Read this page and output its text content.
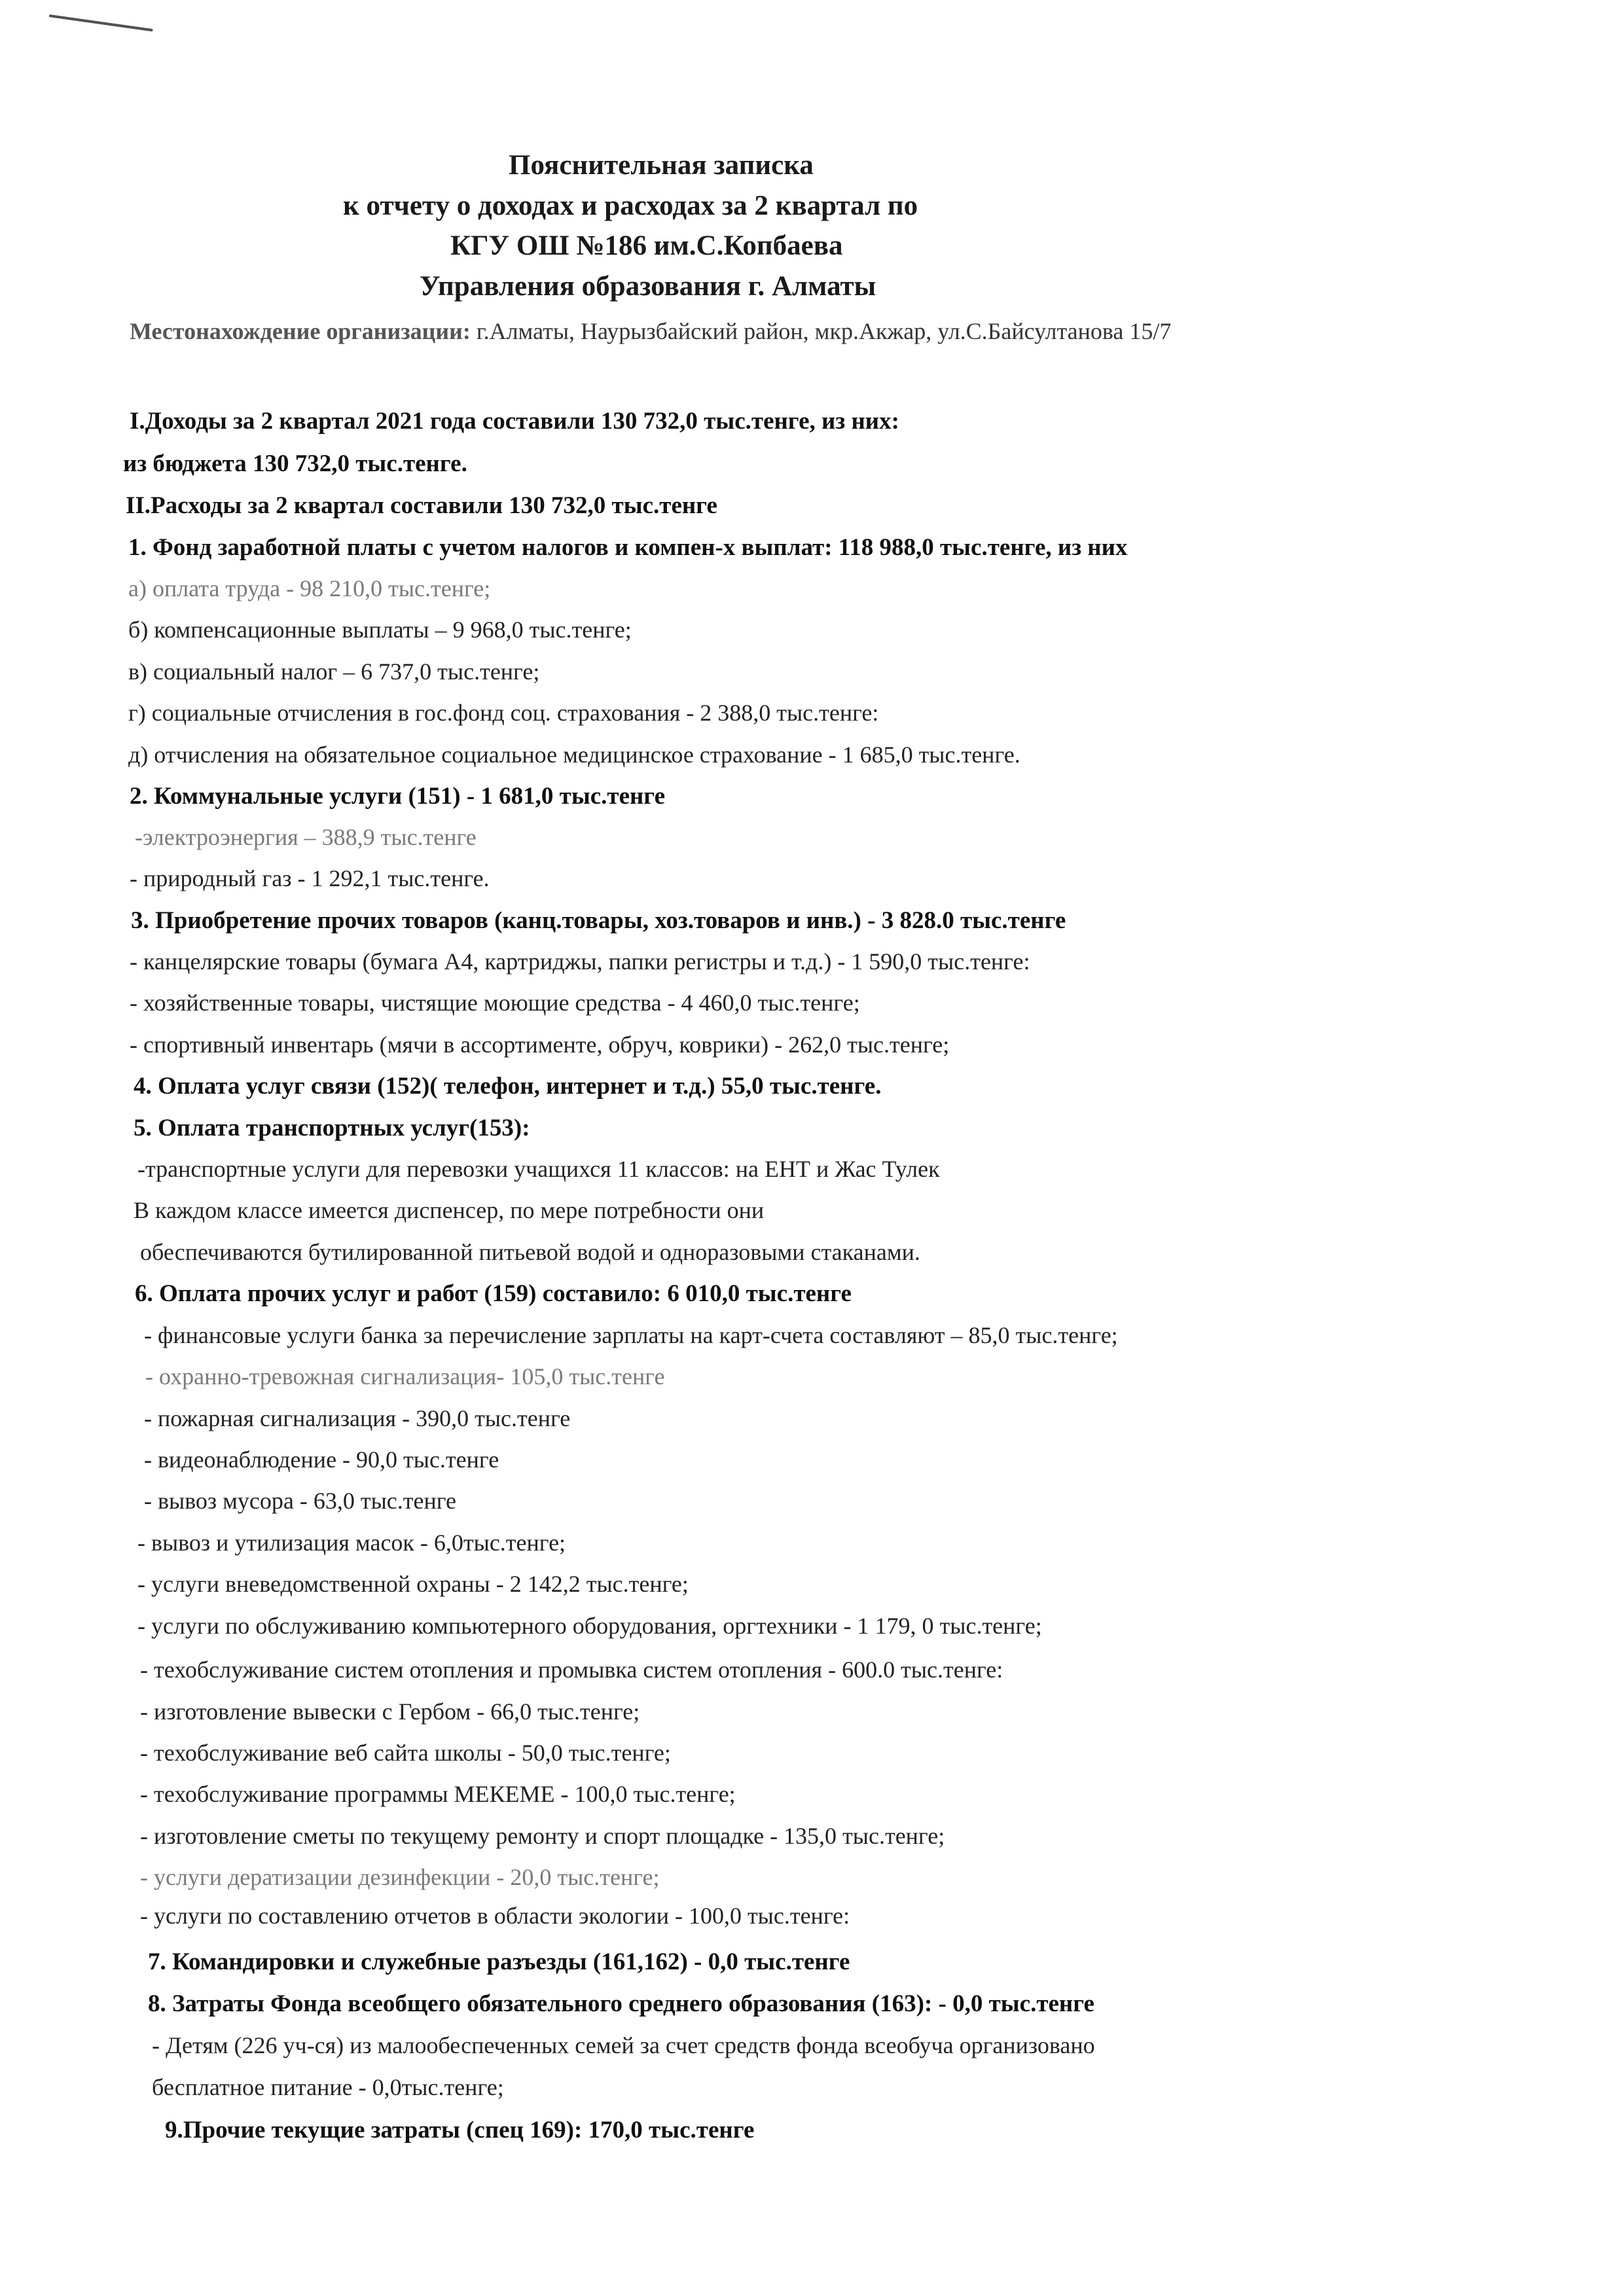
Пояснительная записка
к отчету о доходах и расходах за 2 квартал по
КГУ ОШ №186 им.С.Копбаева
Управления образования г. Алматы
Местонахождение организации: г.Алматы, Наурызбайский район, мкр.Акжар, ул.С.Байсултанова 15/7
I.Доходы за 2 квартал 2021 года составили 130 732,0 тыс.тенге, из них:
из бюджета 130 732,0 тыс.тенге.
II.Расходы за 2 квартал составили 130 732,0 тыс.тенге
1. Фонд заработной платы с учетом налогов и компен-х выплат: 118 988,0 тыс.тенге, из них
а) оплата труда - 98 210,0 тыс.тенге;
б) компенсационные выплаты – 9 968,0 тыс.тенге;
в) социальный налог – 6 737,0 тыс.тенге;
г) социальные отчисления в гос.фонд соц. страхования - 2 388,0 тыс.тенге:
д) отчисления на обязательное социальное медицинское страхование - 1 685,0 тыс.тенге.
2. Коммунальные услуги (151) - 1 681,0 тыс.тенге
-электроэнергия – 388,9 тыс.тенге
- природный газ - 1 292,1 тыс.тенге.
3. Приобретение прочих товаров (канц.товары, хоз.товаров и инв.) - 3 828.0 тыс.тенге
- канцелярские товары (бумага А4, картриджы, папки регистры и т.д.) - 1 590,0 тыс.тенге:
- хозяйственные товары, чистящие моющие средства - 4 460,0 тыс.тенге;
- спортивный инвентарь (мячи в ассортименте, обруч, коврики) - 262,0 тыс.тенге;
4. Оплата услуг связи (152)( телефон, интернет и т.д.) 55,0 тыс.тенге.
5. Оплата транспортных услуг(153):
-транспортные услуги для перевозки учащихся 11 классов: на ЕНТ и Жас Тулек
В каждом классе имеется диспенсер, по мере потребности они
обеспечиваются бутилированной питьевой водой и одноразовыми стаканами.
6. Оплата прочих услуг и работ (159) составило: 6 010,0 тыс.тенге
- финансовые услуги банка за перечисление зарплаты на карт-счета составляют – 85,0 тыс.тенге;
- охранно-тревожная сигнализация- 105,0 тыс.тенге
- пожарная сигнализация - 390,0 тыс.тенге
- видеонаблюдение - 90,0 тыс.тенге
- вывоз мусора - 63,0 тыс.тенге
- вывоз и утилизация масок - 6,0тыс.тенге;
- услуги вневедомственной охраны - 2 142,2 тыс.тенге;
- услуги по обслуживанию компьютерного оборудования, оргтехники - 1 179, 0 тыс.тенге;
- техобслуживание систем отопления и промывка систем отопления - 600.0 тыс.тенге:
- изготовление вывески с Гербом - 66,0 тыс.тенге;
- техобслуживание веб сайта школы - 50,0 тыс.тенге;
- техобслуживание программы МЕКЕМЕ - 100,0 тыс.тенге;
- изготовление сметы по текущему ремонту и спорт площадке - 135,0 тыс.тенге;
- услуги дератизации дезинфекции - 20,0 тыс.тенге;
- услуги по составлению отчетов в области экологии - 100,0 тыс.тенге:
7. Командировки и служебные разъезды (161,162) - 0,0 тыс.тенге
8. Затраты Фонда всеобщего обязательного среднего образования (163): - 0,0 тыс.тенге
- Детям (226 уч-ся) из малообеспеченных семей за счет средств фонда всеобуча организовано
бесплатное питание - 0,0тыс.тенге;
9.Прочие текущие затраты (спец 169): 170,0 тыс.тенге
